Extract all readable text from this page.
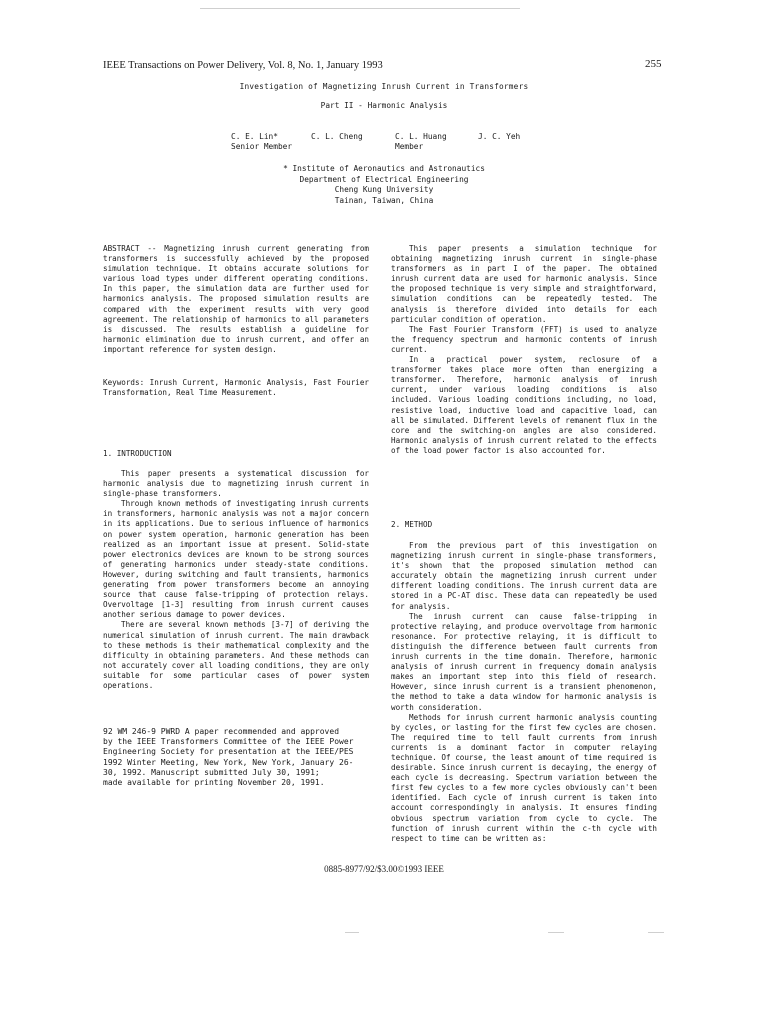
IEEE Transactions on Power Delivery, Vol. 8, No. 1, January 1993	255
Investigation of Magnetizing Inrush Current in Transformers
Part II - Harmonic Analysis
C. E. Lin*
Senior Member
C. L. Cheng	C. L. Huang
Member
J. C. Yeh
* Institute of Aeronautics and Astronautics
Department of Electrical Engineering
Cheng Kung University
Tainan, Taiwan, China

ABSTRACT -- Magnetizing inrush current generating from transformers is successfully achieved by the proposed simulation technique. It obtains accurate solutions for various load types under different operating conditions. In this paper, the simulation data are further used for harmonics analysis. The proposed simulation results are compared with the experiment results with very good agreement. The relationship of harmonics to all parameters is discussed. The results establish a guideline for harmonic elimination due to inrush current, and offer an important reference for system design.

Keywords: Inrush Current, Harmonic Analysis, Fast Fourier Transformation, Real Time Measurement.

1. INTRODUCTION

This paper presents a systematical discussion for harmonic analysis due to magnetizing inrush current in single-phase transformers.

Through known methods of investigating inrush currents in transformers, harmonic analysis was not a major concern in its applications. Due to serious influence of harmonics on power system operation, harmonic generation has been realized as an important issue at present. Solid-state power electronics devices are known to be strong sources of generating harmonics under steady-state conditions. However, during switching and fault transients, harmonics generating from power transformers become an annoying source that cause false-tripping of protection relays. Overvoltage [1-3] resulting from inrush current causes another serious damage to power devices.

There are several known methods [3-7] of deriving the numerical simulation of inrush current. The main drawback to these methods is their mathematical complexity and the difficulty in obtaining parameters. And these methods can not accurately cover all loading conditions, they are only suitable for some particular cases of power system operations.

92 WM 246-9 PWRD A paper recommended and approved
by the IEEE Transformers Committee of the IEEE Power
Engineering Society for presentation at the IEEE/PES
1992 Winter Meeting, New York, New York, January 26-
30, 1992. Manuscript submitted July 30, 1991;
made available for printing November 20, 1991.

This paper presents a simulation technique for obtaining magnetizing inrush current in single-phase transformers as in part I of the paper. The obtained inrush current data are used for harmonic analysis. Since the proposed technique is very simple and straightforward, simulation conditions can be repeatedly tested. The analysis is therefore divided into details for each particular condition of operation.

The Fast Fourier Transform (FFT) is used to analyze the frequency spectrum and harmonic contents of inrush current.

In a practical power system, reclosure of a transformer takes place more often than energizing a transformer. Therefore, harmonic analysis of inrush current, under various loading conditions is also included. Various loading conditions including, no load, resistive load, inductive load and capacitive load, can all be simulated. Different levels of remanent flux in the core and the switching-on angles are also considered. Harmonic analysis of inrush current related to the effects of the load power factor is also accounted for.

2. METHOD

From the previous part of this investigation on magnetizing inrush current in single-phase transformers, it's shown that the proposed simulation method can accurately obtain the magnetizing inrush current under different loading conditions. The inrush current data are stored in a PC-AT disc. These data can repeatedly be used for analysis.

The inrush current can cause false-tripping in protective relaying, and produce overvoltage from harmonic resonance. For protective relaying, it is difficult to distinguish the difference between fault currents from inrush currents in the time domain. Therefore, harmonic analysis of inrush current in frequency domain analysis makes an important step into this field of research. However, since inrush current is a transient phenomenon, the method to take a data window for harmonic analysis is worth consideration.

Methods for inrush current harmonic analysis counting by cycles, or lasting for the first few cycles are chosen. The required time to tell fault currents from inrush currents is a dominant factor in computer relaying technique. Of course, the least amount of time required is desirable. Since inrush current is decaying, the energy of each cycle is decreasing. Spectrum variation between the first few cycles to a few more cycles obviously can't been identified. Each cycle of inrush current is taken into account correspondingly in analysis. It ensures finding obvious spectrum variation from cycle to cycle. The function of inrush current within the c-th cycle with respect to time can be written as:

0885-8977/92/$3.00©1993 IEEE
